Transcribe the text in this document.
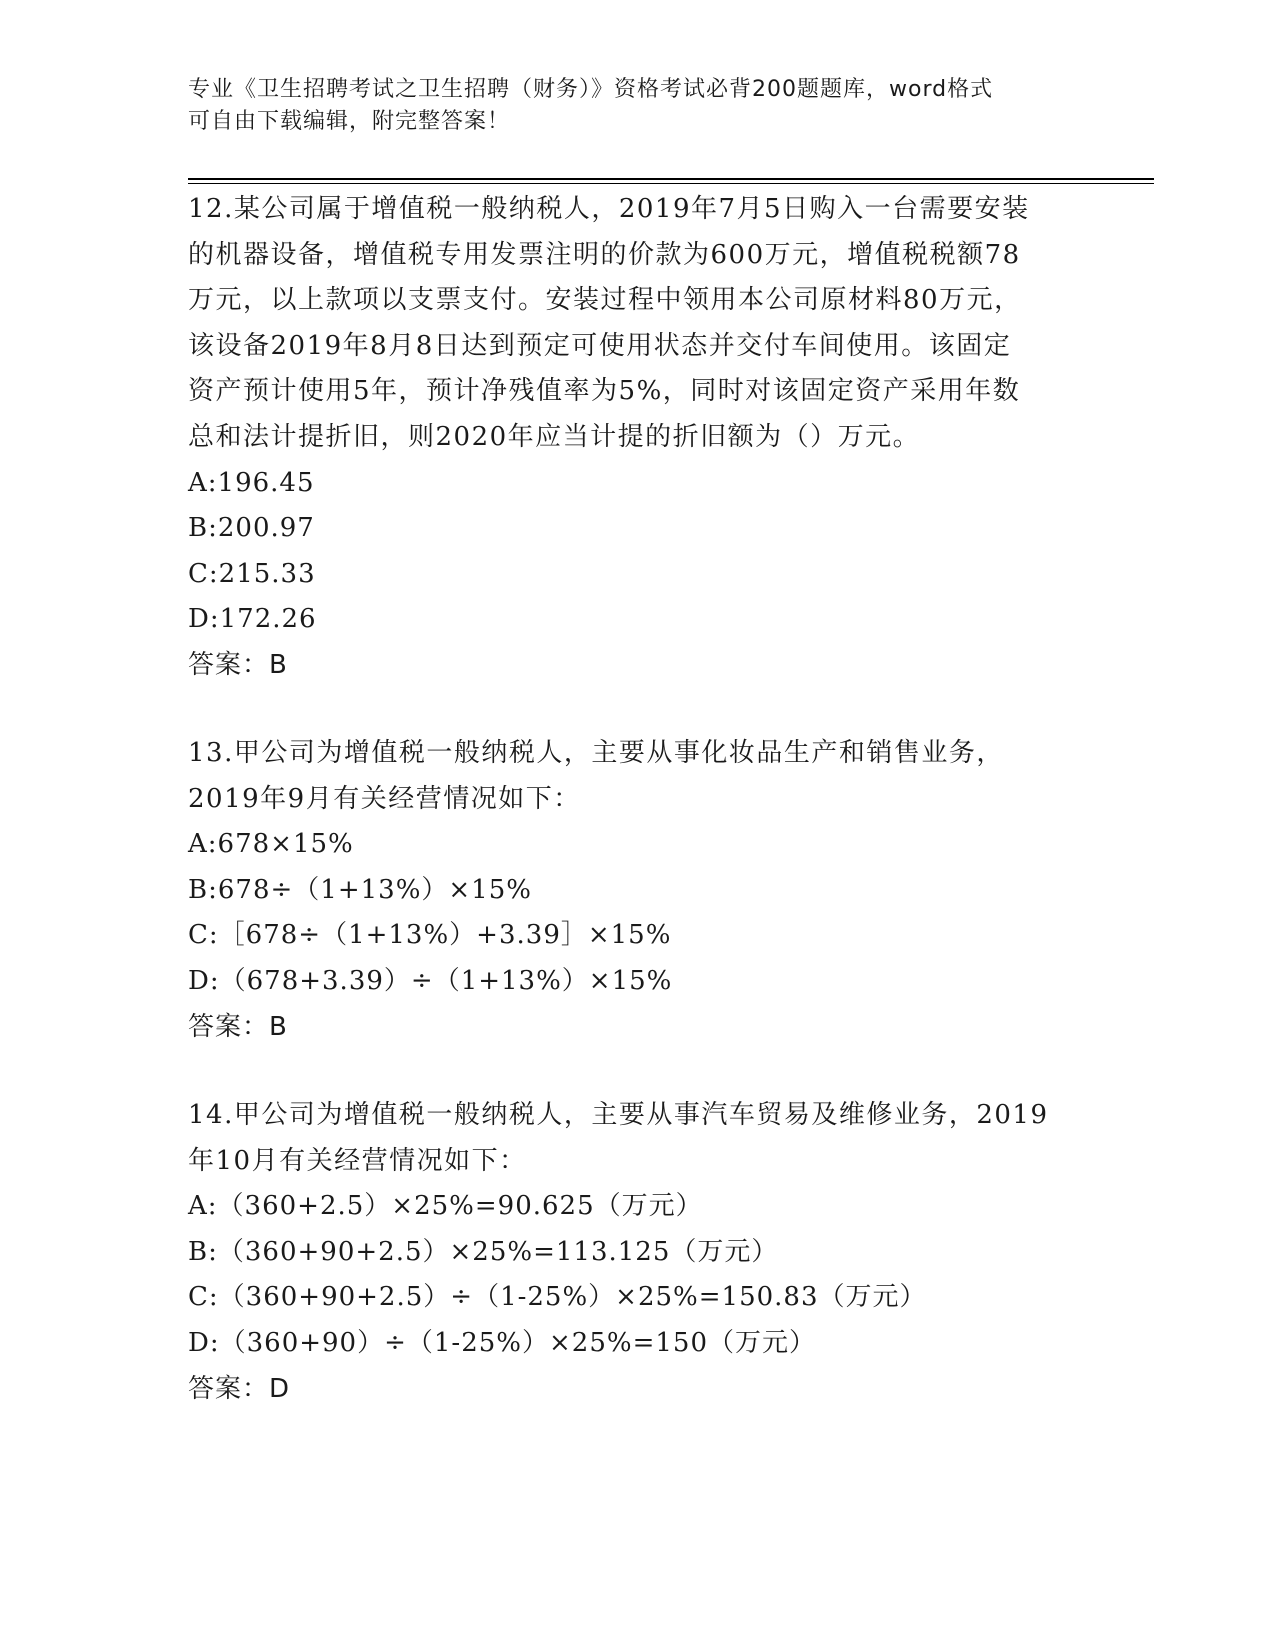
专业《卫生招聘考试之卫生招聘（财务）》资格考试必背200题题库，word格式
可自由下载编辑，附完整答案！
12.某公司属于增值税一般纳税人，2019年7月5日购入一台需要安装
的机器设备，增值税专用发票注明的价款为600万元，增值税税额78
万元，以上款项以支票支付。安装过程中领用本公司原材料80万元，
该设备2019年8月8日达到预定可使用状态并交付车间使用。该固定
资产预计使用5年，预计净残值率为5%，同时对该固定资产采用年数
总和法计提折旧，则2020年应当计提的折旧额为（）万元。
A:196.45
B:200.97
C:215.33
D:172.26
答案：B
13.甲公司为增值税一般纳税人，主要从事化妆品生产和销售业务，
2019年9月有关经营情况如下：
A:678×15%
B:678÷（1+13%）×15%
C:［678÷（1+13%）+3.39］×15%
D:（678+3.39）÷（1+13%）×15%
答案：B
14.甲公司为增值税一般纳税人，主要从事汽车贸易及维修业务，2019
年10月有关经营情况如下：
A:（360+2.5）×25%=90.625（万元）
B:（360+90+2.5）×25%=113.125（万元）
C:（360+90+2.5）÷（1-25%）×25%=150.83（万元）
D:（360+90）÷（1-25%）×25%=150（万元）
答案：D
